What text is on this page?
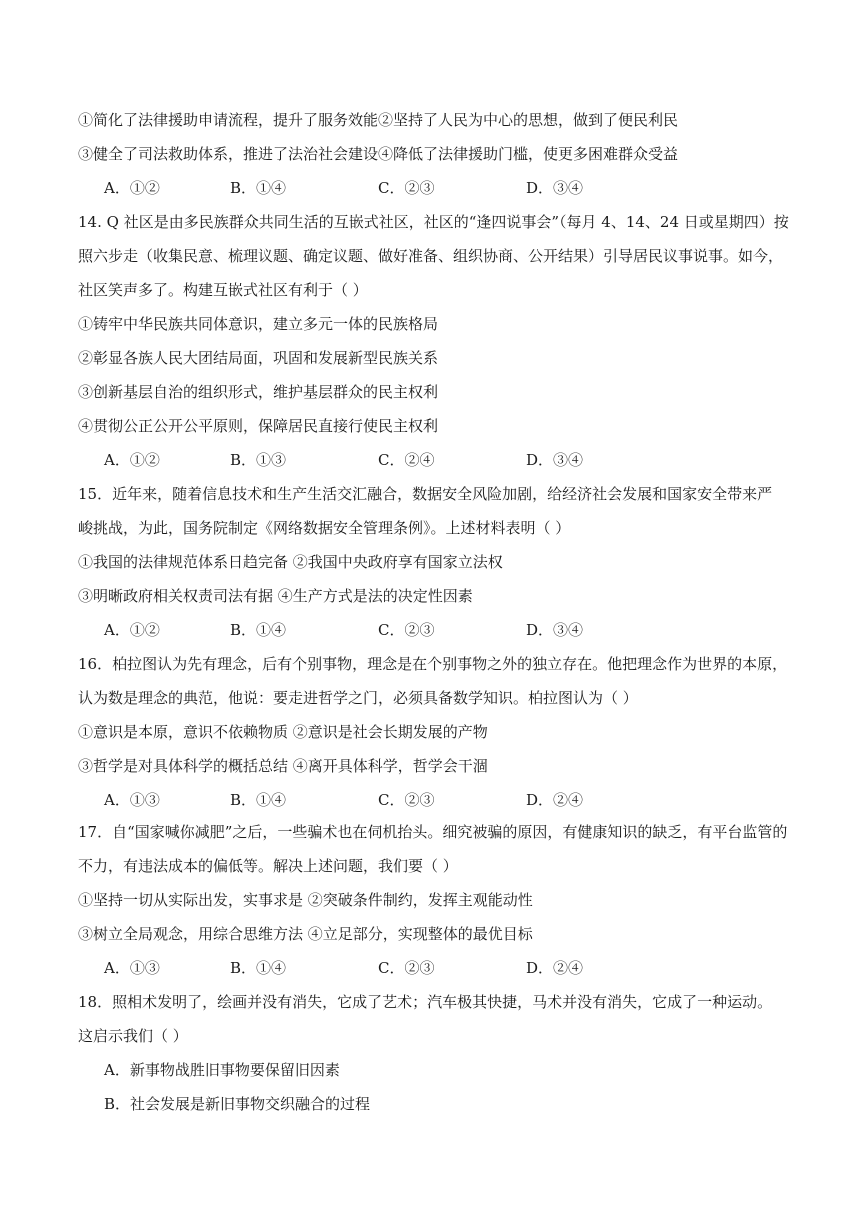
①简化了法律援助申请流程，提升了服务效能②坚持了人民为中心的思想，做到了便民利民
③健全了司法救助体系，推进了法治社会建设④降低了法律援助门槛，使更多困难群众受益
A．①②	B．①④	C．②③	D．③④
14. Q 社区是由多民族群众共同生活的互嵌式社区，社区的“逢四说事会”（每月 4、14、24 日或星期四）按
照六步走（收集民意、梳理议题、确定议题、做好准备、组织协商、公开结果）引导居民议事说事。如今，
社区笑声多了。构建互嵌式社区有利于（ ）
①铸牢中华民族共同体意识，建立多元一体的民族格局
②彰显各族人民大团结局面，巩固和发展新型民族关系
③创新基层自治的组织形式，维护基层群众的民主权利
④贯彻公正公开公平原则，保障居民直接行使民主权利
A．①②	B．①③	C．②④	D．③④
15．近年来，随着信息技术和生产生活交汇融合，数据安全风险加剧，给经济社会发展和国家安全带来严
峻挑战，为此，国务院制定《网络数据安全管理条例》。上述材料表明（ ）
①我国的法律规范体系日趋完备 ②我国中央政府享有国家立法权
③明晰政府相关权责司法有据 ④生产方式是法的决定性因素
A．①②	B．①④	C．②③	D．③④
16．柏拉图认为先有理念，后有个别事物，理念是在个别事物之外的独立存在。他把理念作为世界的本原，
认为数是理念的典范，他说：要走进哲学之门，必须具备数学知识。柏拉图认为（ ）
①意识是本原，意识不依赖物质 ②意识是社会长期发展的产物
③哲学是对具体科学的概括总结 ④离开具体科学，哲学会干涸
A．①③	B．①④	C．②③	D．②④
17．自“国家喊你减肥”之后，一些骗术也在伺机抬头。细究被骗的原因，有健康知识的缺乏，有平台监管的
不力，有违法成本的偏低等。解决上述问题，我们要（ ）
①坚持一切从实际出发，实事求是 ②突破条件制约，发挥主观能动性
③树立全局观念，用综合思维方法 ④立足部分，实现整体的最优目标
A．①③	B．①④	C．②③	D．②④
18．照相术发明了，绘画并没有消失，它成了艺术；汽车极其快捷，马术并没有消失，它成了一种运动。
这启示我们（ ）
A．新事物战胜旧事物要保留旧因素
B．社会发展是新旧事物交织融合的过程
